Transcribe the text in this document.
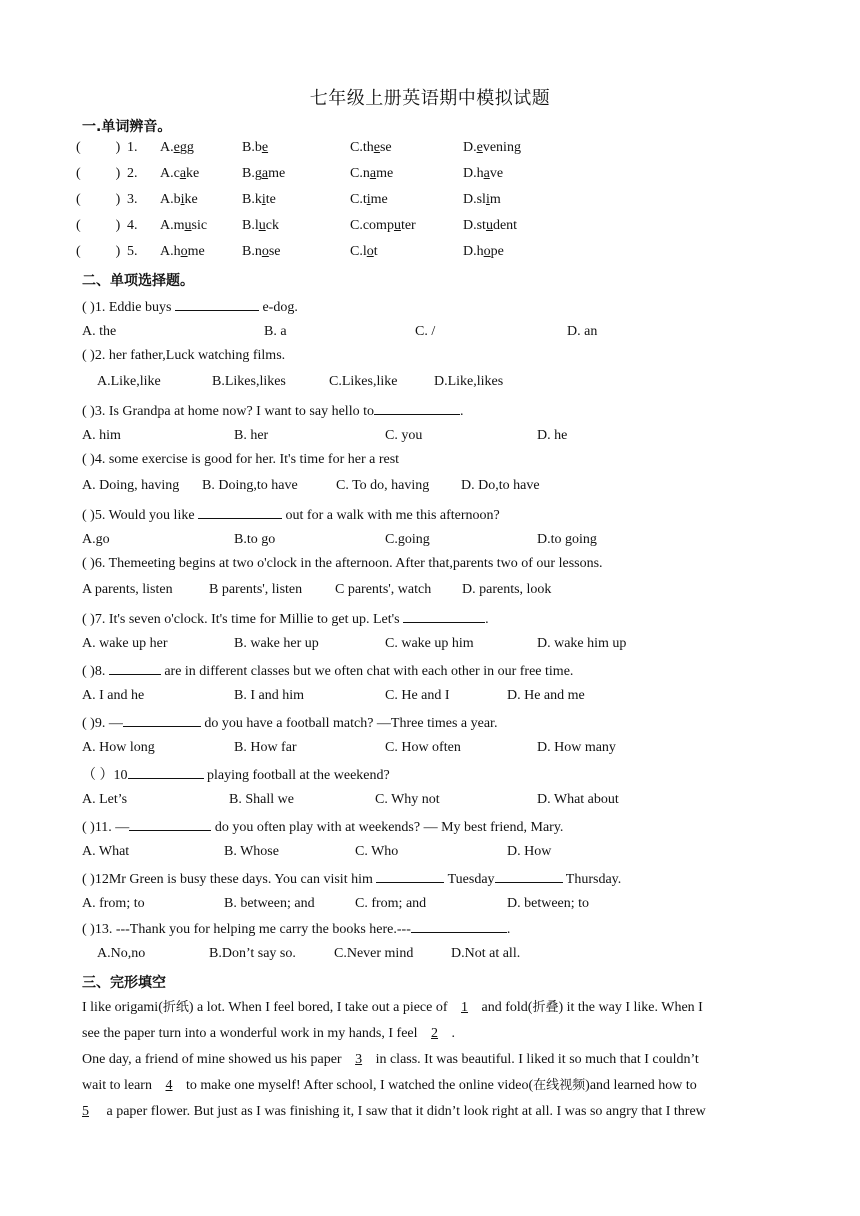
七年级上册英语期中模拟试题
一.单词辨音。
(          ) 1. A.egg	B.be	C.these	D.evening
(          ) 2. A.cake	B.game	C.name	D.have
(          ) 3. A.bike	B.kite	C.time	D.slim
(          ) 4. A.music B.luck	C.computer	D.student
(          ) 5. A.home	B.nose	C.lot	D.hope
二、单项选择题。
( )1. Eddie buys	e-dog.
A. the	B. a	C. /	D. an
( )2. her father,Luck watching films.
A.Like,like	B.Likes,likes	C.Likes,like	D.Like,likes
( )3. Is Grandpa at home now? I want to say hello to	.
A. him	B. her	C. you	D. he
( )4. some exercise is good for her. It's time for her a rest
A. Doing, having B. Doing,to have	C. To do, having D. Do,to have
( )5. Would you like	out for a walk with me this afternoon?
A.go	B.to go	C.going	D.to going
( )6. Themeeting begins at two o'clock in the afternoon. After that,parents two of our lessons.
A parents, listen	B parents', listen C parents', watch D. parents, look
( )7. It's seven o'clock. It's time for Millie to get up. Let's	.
A. wake up her	B. wake her up	C. wake up him	D. wake him up
( )8.	are in different classes but we often chat with each other in our free time.
A. I and he	B. I and him	C. He and I	D. He and me
( )9. —	do you have a football match? —Three times a year.
A. How long	B. How far	C. How often	D. How many
（ ）10	playing football at the weekend?
A. Let’s	B. Shall we	C. Why not	D. What about
( )11. —	do you often play with at weekends? — My best friend, Mary.
A. What	B. Whose	C. Who	D. How
( )12Mr Green is busy these days. You can visit him	Tuesday	Thursday.
A. from; to	B. between; and	C. from; and	D. between; to
( )13. ---Thank you for helping me carry the books here.---	.
A.No,no	B.Don’t say so.	C.Never mind	D.Not at all.
三、完形填空
I like origami(折纸) a lot. When I feel bored, I take out a piece of 1 and fold(折叠) it the way I like. When I
see the paper turn into a wonderful work in my hands, I feel 2 .
One day, a friend of mine showed us his paper 3 in class. It was beautiful. I liked it so much that I couldn’t
wait to learn 4 to make one myself! After school, I watched the online video(在线视频)and learned how to
5 a paper flower. But just as I was finishing it, I saw that it didn’t look right at all. I was so angry that I threw
